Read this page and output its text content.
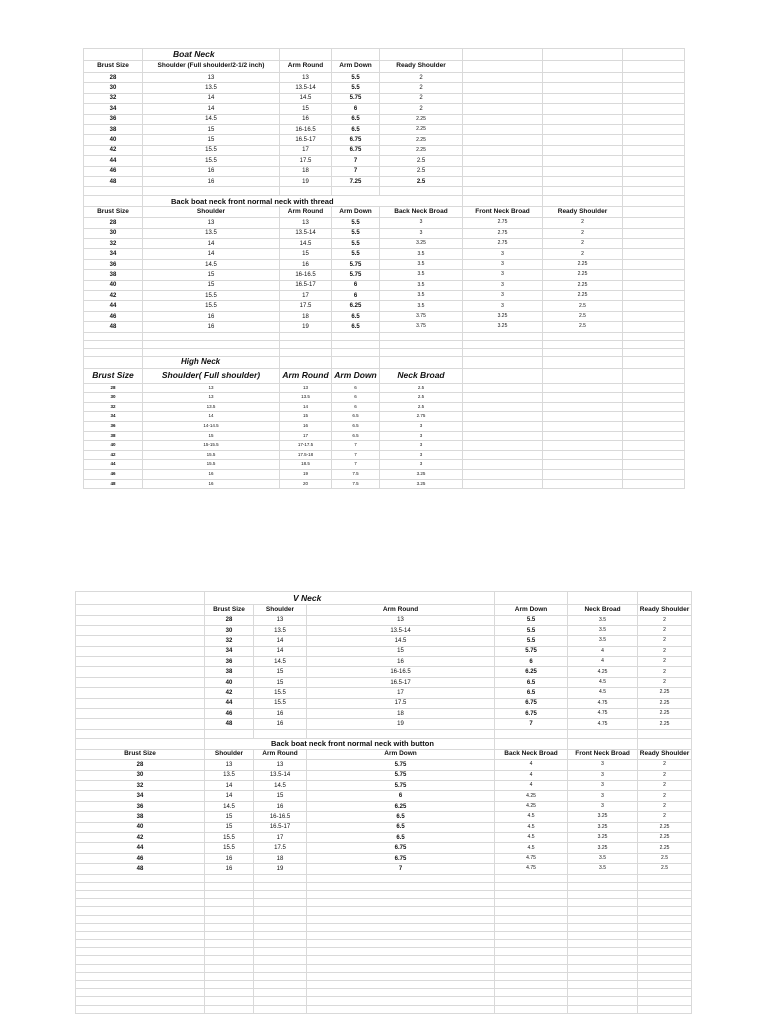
	Boat Neck						
Brust Size	Shoulder (Full shoulder/2-1/2 inch)	Arm Round	Arm Down	Ready Shoulder			
28	13	13	5.5	2			
30	13.5	13.5-14	5.5	2			
32	14	14.5	5.75	2			
34	14	15	6	2			
36	14.5	16	6.5	2.25			
38	15	16-16.5	6.5	2.25			
40	15	16.5-17	6.75	2.25			
42	15.5	17	6.75	2.25			
44	15.5	17.5	7	2.5			
46	16	18	7	2.5			
48	16	19	7.25	2.5			

	Back boat neck front normal neck with thread						
Brust Size	Shoulder	Arm Round	Arm Down	Back Neck Broad	Front Neck Broad	Ready Shoulder	
28	13	13	5.5	3	2.75	2	
30	13.5	13.5-14	5.5	3	2.75	2	
32	14	14.5	5.5	3.25	2.75	2	
34	14	15	5.5	3.5	3	2	
36	14.5	16	5.75	3.5	3	2.25	
38	15	16-16.5	5.75	3.5	3	2.25	
40	15	16.5-17	6	3.5	3	2.25	
42	15.5	17	6	3.5	3	2.25	
44	15.5	17.5	6.25	3.5	3	2.5	
46	16	18	6.5	3.75	3.25	2.5	
48	16	19	6.5	3.75	3.25	2.5	

	High Neck						
Brust Size	Shoulder( Full shoulder)	Arm Round	Arm Down	Neck Broad			
28	13	13	6	2.5			
30	13	13.5	6	2.5			
32	13.5	14	6	2.5			
34	14	15	6.5	2.75			
36	14-14.5	16	6.5	3			
38	15	17	6.5	3			
40	15-15.5	17-17.5	7	3			
42	15.5	17.5-18	7	3			
44	15.5	18.5	7	3			
46	16	19	7.5	3.25			
48	16	20	7.5	3.25			
	V Neck					
	Brust Size	Shoulder	Arm Round	Arm Down	Neck Broad	Ready Shoulder
	28	13	13	5.5	3.5	2
	30	13.5	13.5-14	5.5	3.5	2
	32	14	14.5	5.5	3.5	2
	34	14	15	5.75	4	2
	36	14.5	16	6	4	2
	38	15	16-16.5	6.25	4.25	2
	40	15	16.5-17	6.5	4.5	2
	42	15.5	17	6.5	4.5	2.25
	44	15.5	17.5	6.75	4.75	2.25
	46	16	18	6.75	4.75	2.25
	48	16	19	7	4.75	2.25

	Back boat neck front normal neck with button					
Brust Size	Shoulder	Arm Round	Arm Down	Back Neck Broad	Front Neck Broad	Ready Shoulder
28	13	13	5.75	4	3	2
30	13.5	13.5-14	5.75	4	3	2
32	14	14.5	5.75	4	3	2
34	14	15	6	4.25	3	2
36	14.5	16	6.25	4.25	3	2
38	15	16-16.5	6.5	4.5	3.25	2
40	15	16.5-17	6.5	4.5	3.25	2.25
42	15.5	17	6.5	4.5	3.25	2.25
44	15.5	17.5	6.75	4.5	3.25	2.25
46	16	18	6.75	4.75	3.5	2.5
48	16	19	7	4.75	3.5	2.5
